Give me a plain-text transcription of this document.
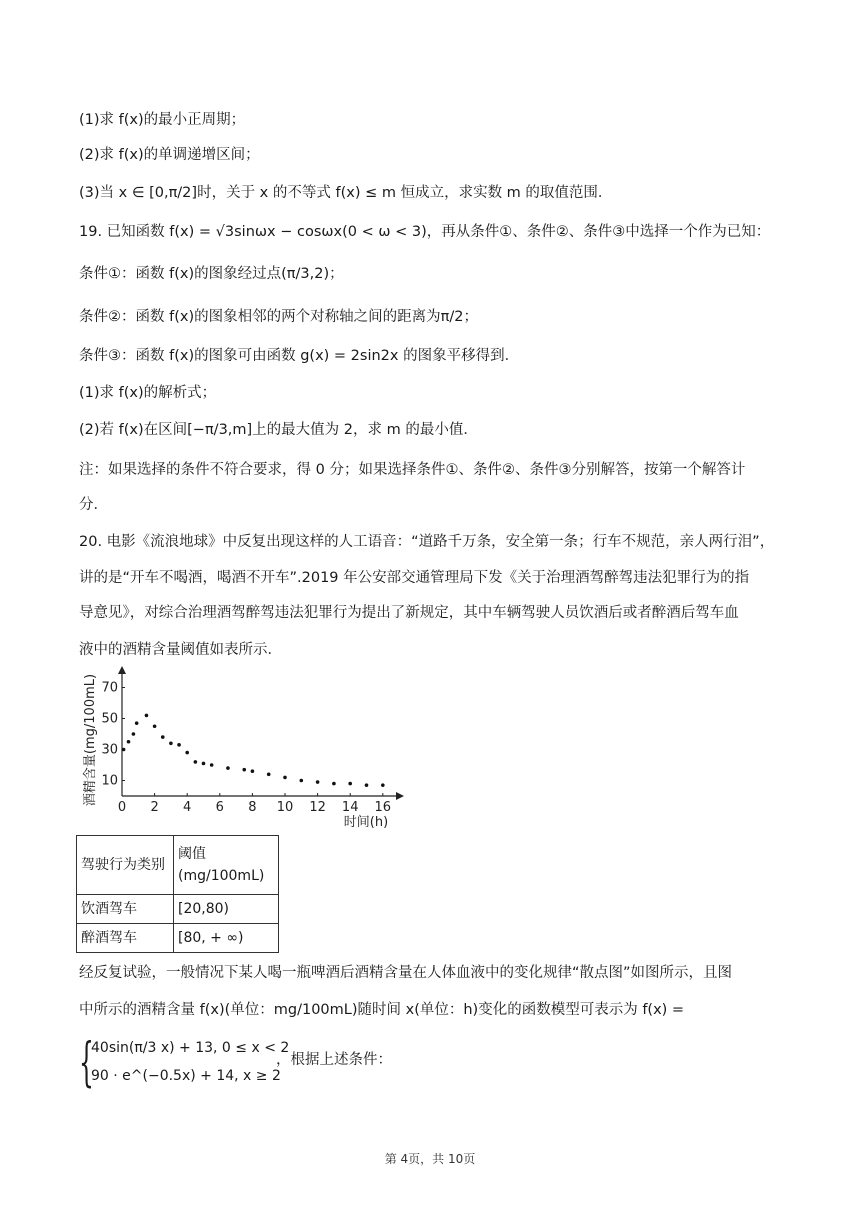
(1)求 f(x)的最小正周期；
(2)求 f(x)的单调递增区间；
(3)当 x ∈ [0,π/2]时，关于 x 的不等式 f(x) ≤ m 恒成立，求实数 m 的取值范围．
19. 已知函数 f(x) = √3sinωx − cosωx(0 < ω < 3)，再从条件①、条件②、条件③中选择一个作为已知：
条件①：函数 f(x)的图象经过点(π/3,2)；
条件②：函数 f(x)的图象相邻的两个对称轴之间的距离为π/2；
条件③：函数 f(x)的图象可由函数 g(x) = 2sin2x 的图象平移得到．
(1)求 f(x)的解析式；
(2)若 f(x)在区间[−π/3,m]上的最大值为 2，求 m 的最小值．
注：如果选择的条件不符合要求，得 0 分；如果选择条件①、条件②、条件③分别解答，按第一个解答计
分．
20. 电影《流浪地球》中反复出现这样的人工语音：“道路千万条，安全第一条；行车不规范，亲人两行泪”，
讲的是“开车不喝酒，喝酒不开车”.2019 年公安部交通管理局下发《关于治理酒驾醉驾违法犯罪行为的指
导意见》，对综合治理酒驾醉驾违法犯罪行为提出了新规定，其中车辆驾驶人员饮酒后或者醉酒后驾车血
液中的酒精含量阈值如表所示．
10
30
50
70
0 2 4 6 8 10 12 14 16
酒精含量(mg/100mL)
时间(h)
驾驶行为类别	阈值(mg/100mL)
饮酒驾车	[20,80)
醉酒驾车	[80, + ∞)
经反复试验，一般情况下某人喝一瓶啤酒后酒精含量在人体血液中的变化规律“散点图”如图所示，且图
中所示的酒精含量 f(x)(单位：mg/100mL)随时间 x(单位：h)变化的函数模型可表示为 f(x) =
{
40sin(π/3 x) + 13, 0 ≤ x < 2
90 · e^(−0.5x) + 14, x ≥ 2
，根据上述条件：
第 4页，共 10页
